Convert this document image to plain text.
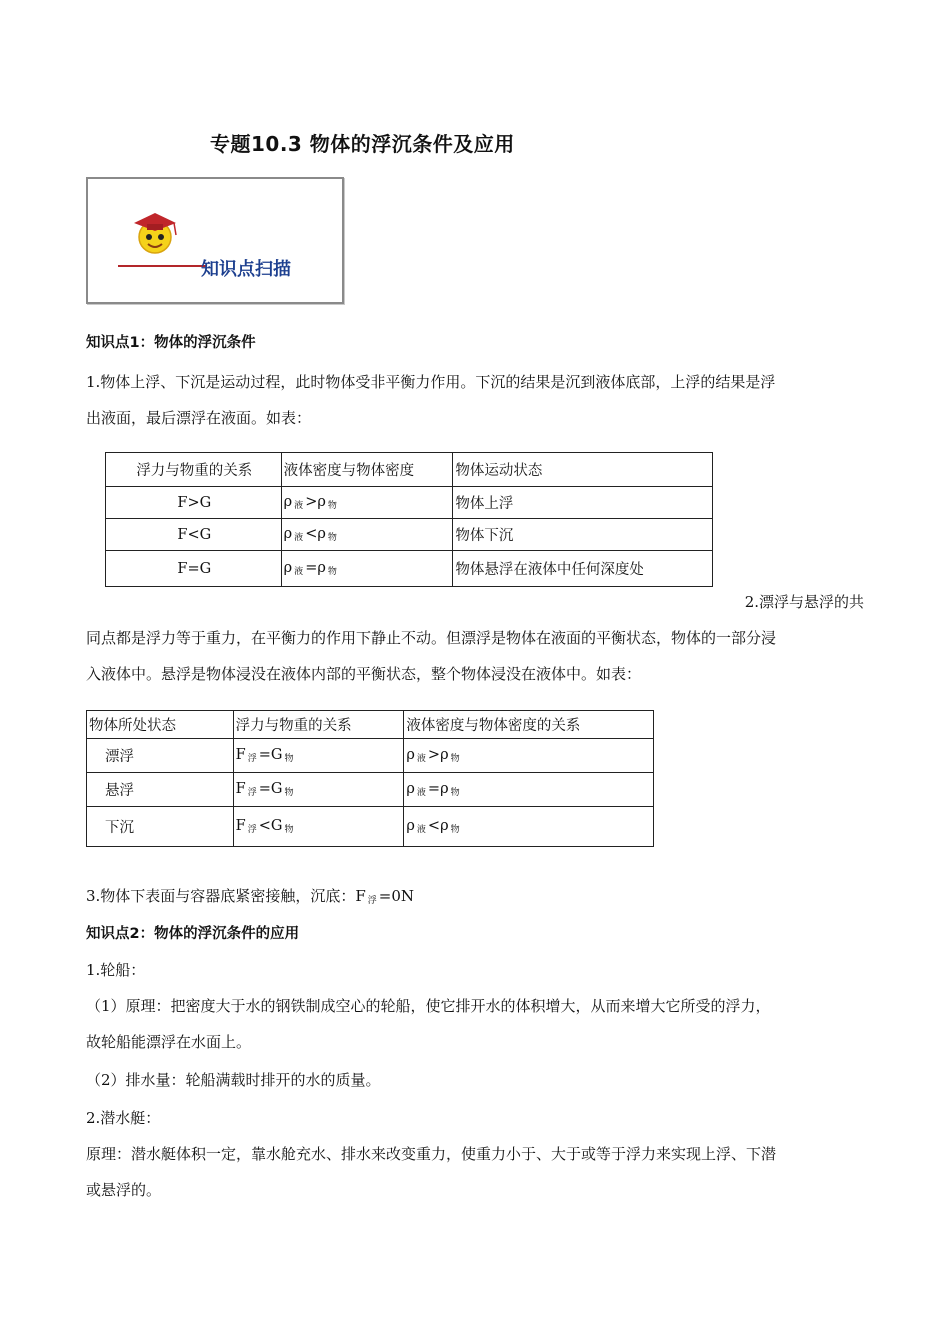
专题10.3 物体的浮沉条件及应用
知识点扫描
知识点1：物体的浮沉条件
1.物体上浮、下沉是运动过程，此时物体受非平衡力作用。下沉的结果是沉到液体底部，上浮的结果是浮
出液面，最后漂浮在液面。如表：
浮力与物重的关系	液体密度与物体密度	物体运动状态
F>G	ρ $_液$ >ρ $_物$	物体上浮
F<G	ρ $_液$ <ρ $_物$	物体下沉
F=G	ρ $_液$ =ρ $_物$	物体悬浮在液体中任何深度处
2.漂浮与悬浮的共
同点都是浮力等于重力，在平衡力的作用下静止不动。但漂浮是物体在液面的平衡状态，物体的一部分浸
入液体中。悬浮是物体浸没在液体内部的平衡状态，整个物体浸没在液体中。如表：
物体所处状态	浮力与物重的关系	液体密度与物体密度的关系
漂浮	F $_浮$ =G $_物$	ρ $_液$ >ρ $_物$
悬浮	F $_浮$ =G $_物$	ρ $_液$ =ρ $_物$
下沉	F $_浮$ <G $_物$	ρ $_液$ <ρ $_物$
3.物体下表面与容器底紧密接触，沉底：F $_浮$ =0N
知识点2：物体的浮沉条件的应用
1.轮船：
（1）原理：把密度大于水的钢铁制成空心的轮船，使它排开水的体积增大，从而来增大它所受的浮力，
故轮船能漂浮在水面上。
（2）排水量：轮船满载时排开的水的质量。
2.潜水艇：
原理：潜水艇体积一定，靠水舱充水、排水来改变重力，使重力小于、大于或等于浮力来实现上浮、下潜
或悬浮的。
